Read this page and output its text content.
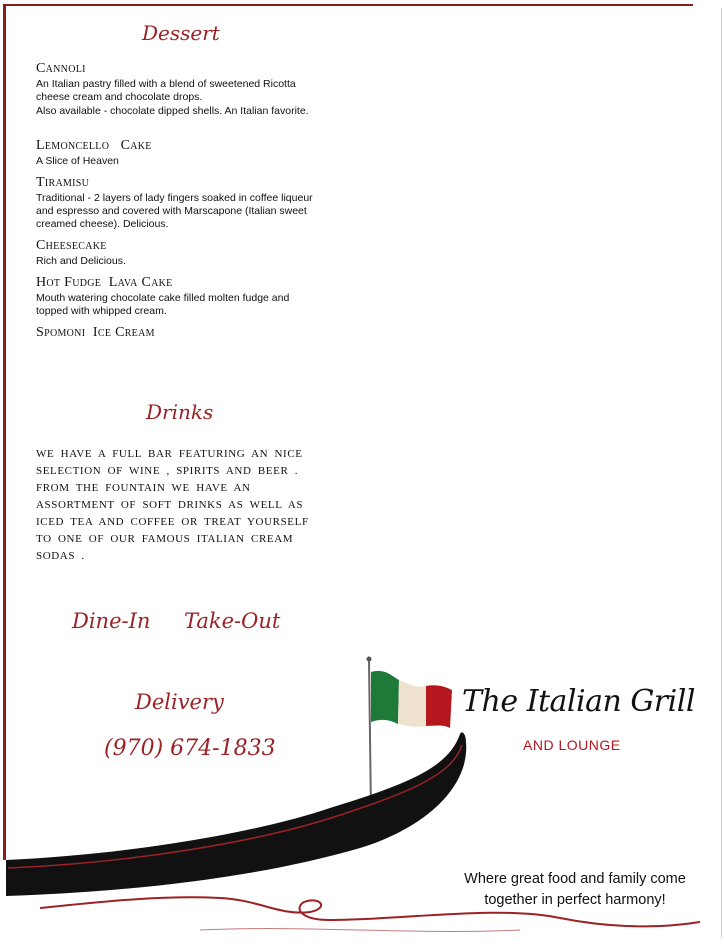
Dessert
Cannoli
An Italian pastry filled with a blend of sweetened Ricotta cheese cream and chocolate drops.
Also available - chocolate dipped shells. An Italian favorite.
Lemoncello   Cake
A Slice of Heaven
Tiramisu
Traditional - 2 layers of lady fingers soaked in coffee liqueur and espresso and covered with Marscapone (Italian sweet creamed cheese). Delicious.
Cheesecake
Rich and Delicious.
Hot Fudge  Lava Cake
Mouth watering chocolate cake filled molten fudge and topped with whipped cream.
Spomoni  Ice Cream
Drinks
WE HAVE A FULL BAR FEATURING AN NICE SELECTION OF WINE , SPIRITS AND BEER . FROM THE FOUNTAIN WE HAVE AN ASSORTMENT OF SOFT DRINKS AS WELL AS ICED TEA AND COFFEE OR TREAT YOURSELF TO ONE OF OUR FAMOUS ITALIAN CREAM SODAS .
Dine-In Take-Out
Delivery
(970) 674-1833
The Italian Grill
AND LOUNGE
Where great food and family come together in perfect harmony!
